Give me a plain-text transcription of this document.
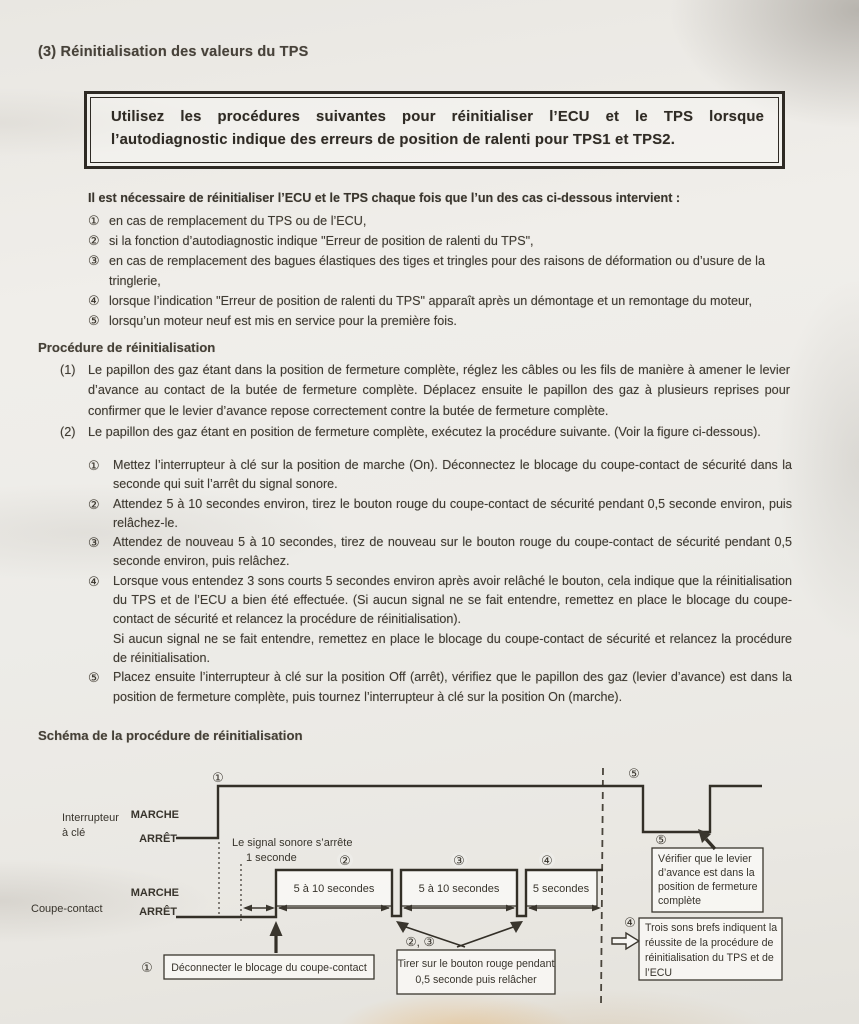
(3) Réinitialisation des valeurs du TPS
Utilisez les procédures suivantes pour réinitialiser l’ECU et le TPS lorsque l’autodiagnostic indique des erreurs de position de ralenti pour TPS1 et TPS2.
Il est nécessaire de réinitialiser l’ECU et le TPS chaque fois que l’un des cas ci-dessous intervient :
① en cas de remplacement du TPS ou de l’ECU,
② si la fonction d’autodiagnostic indique "Erreur de position de ralenti du TPS",
③ en cas de remplacement des bagues élastiques des tiges et tringles pour des raisons de déformation ou d’usure de la tringlerie,
④ lorsque l’indication "Erreur de position de ralenti du TPS" apparaît après un démontage et un remontage du moteur,
⑤ lorsqu’un moteur neuf est mis en service pour la première fois.
Procédure de réinitialisation
(1) Le papillon des gaz étant dans la position de fermeture complète, réglez les câbles ou les fils de manière à amener le levier d’avance au contact de la butée de fermeture complète. Déplacez ensuite le papillon des gaz à plusieurs reprises pour confirmer que le levier d’avance repose correctement contre la butée de fermeture complète.
(2) Le papillon des gaz étant en position de fermeture complète, exécutez la procédure suivante. (Voir la figure ci-dessous).
①	Mettez l’interrupteur à clé sur la position de marche (On). Déconnectez le blocage du coupe-contact de sécurité dans la seconde qui suit l’arrêt du signal sonore.
②	Attendez 5 à 10 secondes environ, tirez le bouton rouge du coupe-contact de sécurité pendant 0,5 seconde environ, puis relâchez-le.
③	Attendez de nouveau 5 à 10 secondes, tirez de nouveau sur le bouton rouge du coupe-contact de sécurité pendant 0,5 seconde environ, puis relâchez.
④	Lorsque vous entendez 3 sons courts 5 secondes environ après avoir relâché le bouton, cela indique que la réinitialisation du TPS et de l’ECU a bien été effectuée. (Si aucun signal ne se fait entendre, remettez en place le blocage du coupe-contact de sécurité et relancez la procédure de réinitialisation).
Si aucun signal ne se fait entendre, remettez en place le blocage du coupe-contact de sécurité et relancez la procédure de réinitialisation.
⑤	Placez ensuite l’interrupteur à clé sur la position Off (arrêt), vérifiez que le papillon des gaz (levier d’avance) est dans la position de fermeture complète, puis tournez l’interrupteur à clé sur la position On (marche).
Schéma de la procédure de réinitialisation
5 à 10 secondes	5 à 10 secondes	5 secondes
①	⑤
②	③	④
Interrupteur
à clé
MARCHE
ARRÊT
MARCHE
Coupe-contact	ARRÊT
Le signal sonore s’arrête
1 seconde
① Déconnecter le blocage du coupe-contact
②, ③
Tirer sur le bouton rouge pendant
0,5 seconde puis relâcher
⑤
Vérifier que le levier
d’avance est dans la
position de fermeture
complète
④ Trois sons brefs indiquent la
réussite de la procédure de
réinitialisation du TPS et de
l’ECU
